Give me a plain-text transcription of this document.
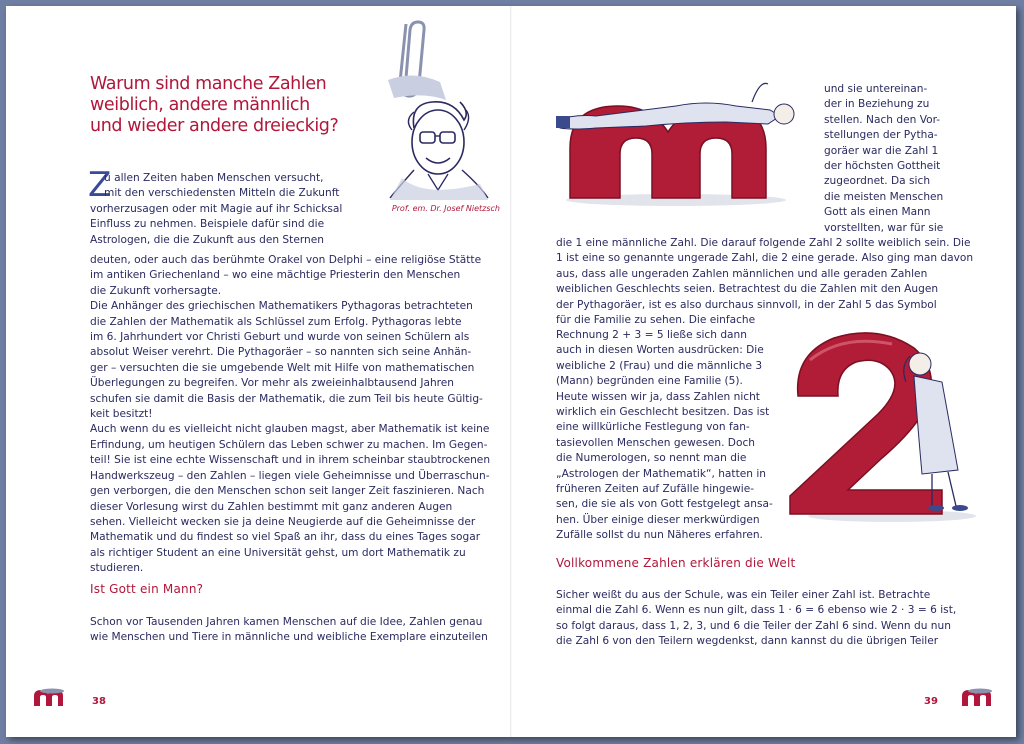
Warum sind manche Zahlen
weiblich, andere männlich
und wieder andere dreieckig?
Prof. em. Dr. Josef Nietzsch
Z

u allen Zeiten haben Menschen versucht,

mit den verschiedensten Mitteln die Zukunft

vorherzusagen oder mit Magie auf ihr Schicksal

Einfluss zu nehmen. Beispiele dafür sind die

Astrologen, die die Zukunft aus den Sternen

deuten, oder auch das berühmte Orakel von Delphi – eine religiöse Stätte

im antiken Griechenland – wo eine mächtige Priesterin den Menschen

die Zukunft vorhersagte.

Die Anhänger des griechischen Mathematikers Pythagoras betrachteten

die Zahlen der Mathematik als Schlüssel zum Erfolg. Pythagoras lebte

im 6. Jahrhundert vor Christi Geburt und wurde von seinen Schülern als

absolut Weiser verehrt. Die Pythagoräer – so nannten sich seine Anhän-

ger – versuchten die sie umgebende Welt mit Hilfe von mathematischen

Überlegungen zu begreifen. Vor mehr als zweieinhalbtausend Jahren

schufen sie damit die Basis der Mathematik, die zum Teil bis heute Gültig-

keit besitzt!

Auch wenn du es vielleicht nicht glauben magst, aber Mathematik ist keine

Erfindung, um heutigen Schülern das Leben schwer zu machen. Im Gegen-

teil! Sie ist eine echte Wissenschaft und in ihrem scheinbar staubtrockenen

Handwerkszeug – den Zahlen – liegen viele Geheimnisse und Überraschun-

gen verborgen, die den Menschen schon seit langer Zeit faszinieren. Nach

dieser Vorlesung wirst du Zahlen bestimmt mit ganz anderen Augen

sehen. Vielleicht wecken sie ja deine Neugierde auf die Geheimnisse der

Mathematik und du findest so viel Spaß an ihr, dass du eines Tages sogar

als richtiger Student an eine Universität gehst, um dort Mathematik zu

studieren.

Ist Gott ein Mann?

Schon vor Tausenden Jahren kamen Menschen auf die Idee, Zahlen genau

wie Menschen und Tiere in männliche und weibliche Exemplare einzuteilen

38

und sie untereinan-

der in Beziehung zu

stellen. Nach den Vor-

stellungen der Pytha-

goräer war die Zahl 1

der höchsten Gottheit

zugeordnet. Da sich

die meisten Menschen

Gott als einen Mann

vorstellten, war für sie

die 1 eine männliche Zahl. Die darauf folgende Zahl 2 sollte weiblich sein. Die

1 ist eine so genannte ungerade Zahl, die 2 eine gerade. Also ging man davon

aus, dass alle ungeraden Zahlen männlichen und alle geraden Zahlen

weiblichen Geschlechts seien. Betrachtest du die Zahlen mit den Augen

der Pythagoräer, ist es also durchaus sinnvoll, in der Zahl 5 das Symbol

für die Familie zu sehen. Die einfache

Rechnung 2 + 3 = 5 ließe sich dann

auch in diesen Worten ausdrücken: Die

weibliche 2 (Frau) und die männliche 3

(Mann) begründen eine Familie (5).

Heute wissen wir ja, dass Zahlen nicht

wirklich ein Geschlecht besitzen. Das ist

eine willkürliche Festlegung von fan-

tasievollen Menschen gewesen. Doch

die Numerologen, so nennt man die

„Astrologen der Mathematik“, hatten in

früheren Zeiten auf Zufälle hingewie-

sen, die sie als von Gott festgelegt ansa-

hen. Über einige dieser merkwürdigen

Zufälle sollst du nun Näheres erfahren.

Vollkommene Zahlen erklären die Welt

Sicher weißt du aus der Schule, was ein Teiler einer Zahl ist. Betrachte

einmal die Zahl 6. Wenn es nun gilt, dass 1 · 6 = 6 ebenso wie 2 · 3 = 6 ist,

so folgt daraus, dass 1, 2, 3, und 6 die Teiler der Zahl 6 sind. Wenn du nun

die Zahl 6 von den Teilern wegdenkst, dann kannst du die übrigen Teiler

39
